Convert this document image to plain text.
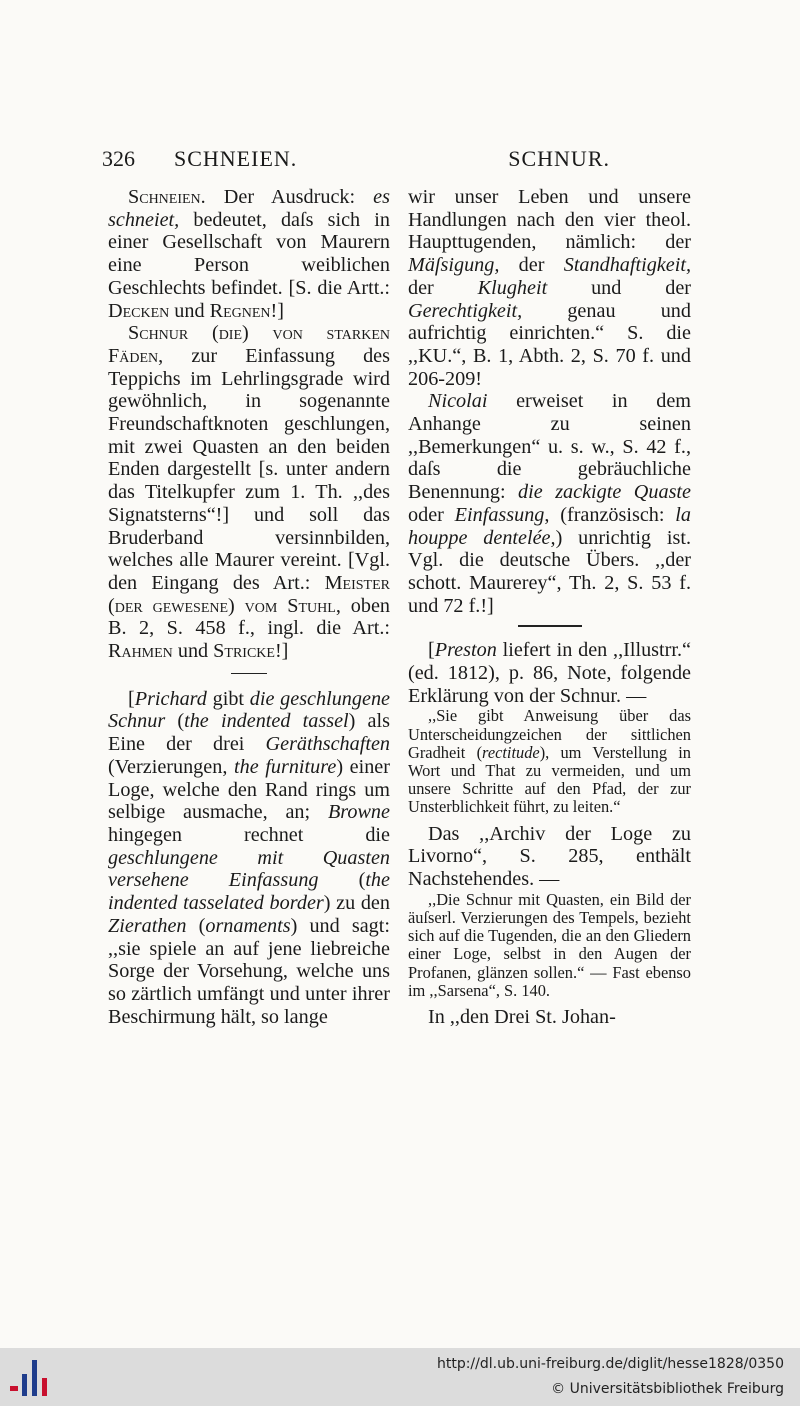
326 SCHNEIEN.	SCHNUR.

Schneien. Der Ausdruck: es schneiet, bedeutet, daſs sich in einer Gesellschaft von Maurern eine Person weiblichen Geschlechts befindet. [S. die Artt.: Decken und Regnen!]

Schnur (die) von starken Fäden, zur Einfassung des Teppichs im Lehrlingsgrade wird gewöhnlich, in sogenannte Freundschaftknoten geschlungen, mit zwei Quasten an den beiden Enden dargestellt [s. unter andern das Titelkupfer zum 1. Th. ,,des Signatsterns“!] und soll das Bruderband versinnbilden, welches alle Maurer vereint. [Vgl. den Eingang des Art.: Meister (der gewesene) vom Stuhl, oben B. 2, S. 458 f., ingl. die Art.: Rahmen und Stricke!]

[Prichard gibt die geschlungene Schnur (the indented tassel) als Eine der drei Geräthschaften (Verzierungen, the furniture) einer Loge, welche den Rand rings um selbige ausmache, an; Browne hingegen rechnet die geschlungene mit Quasten versehene Einfassung (the indented tasselated border) zu den Zierathen (ornaments) und sagt: ,,sie spiele an auf jene liebreiche Sorge der Vorsehung, welche uns so zärtlich umfängt und unter ihrer Beschirmung hält, so lange

wir unser Leben und unsere Handlungen nach den vier theol. Haupttugenden, nämlich: der Mäſsigung, der Standhaftigkeit, der Klugheit und der Gerechtigkeit, genau und aufrichtig einrichten.“ S. die ,,KU.“, B. 1, Abth. 2, S. 70 f. und 206-209!

Nicolai erweiset in dem Anhange zu seinen ,,Bemerkungen“ u. s. w., S. 42 f., daſs die gebräuchliche Benennung: die zackigte Quaste oder Einfassung, (französisch: la houppe dentelée,) unrichtig ist. Vgl. die deutsche Übers. ,,der schott. Maurerey“, Th. 2, S. 53 f. und 72 f.!]

[Preston liefert in den ,,Illustrr.“ (ed. 1812), p. 86, Note, folgende Erklärung von der Schnur. —

,,Sie gibt Anweisung über das Unterscheidungzeichen der sittlichen Gradheit (rectitude), um Verstellung in Wort und That zu vermeiden, und um unsere Schritte auf den Pfad, der zur Unsterblichkeit führt, zu leiten.“

Das ,,Archiv der Loge zu Livorno“, S. 285, enthält Nachstehendes. —

,,Die Schnur mit Quasten, ein Bild der äuſserl. Verzierungen des Tempels, bezieht sich auf die Tugenden, die an den Gliedern einer Loge, selbst in den Augen der Profanen, glänzen sollen.“ — Fast ebenso im ,,Sarsena“, S. 140.

In ,,den Drei St. Johan-

http://dl.ub.uni-freiburg.de/diglit/hesse1828/0350
© Universitätsbibliothek Freiburg
